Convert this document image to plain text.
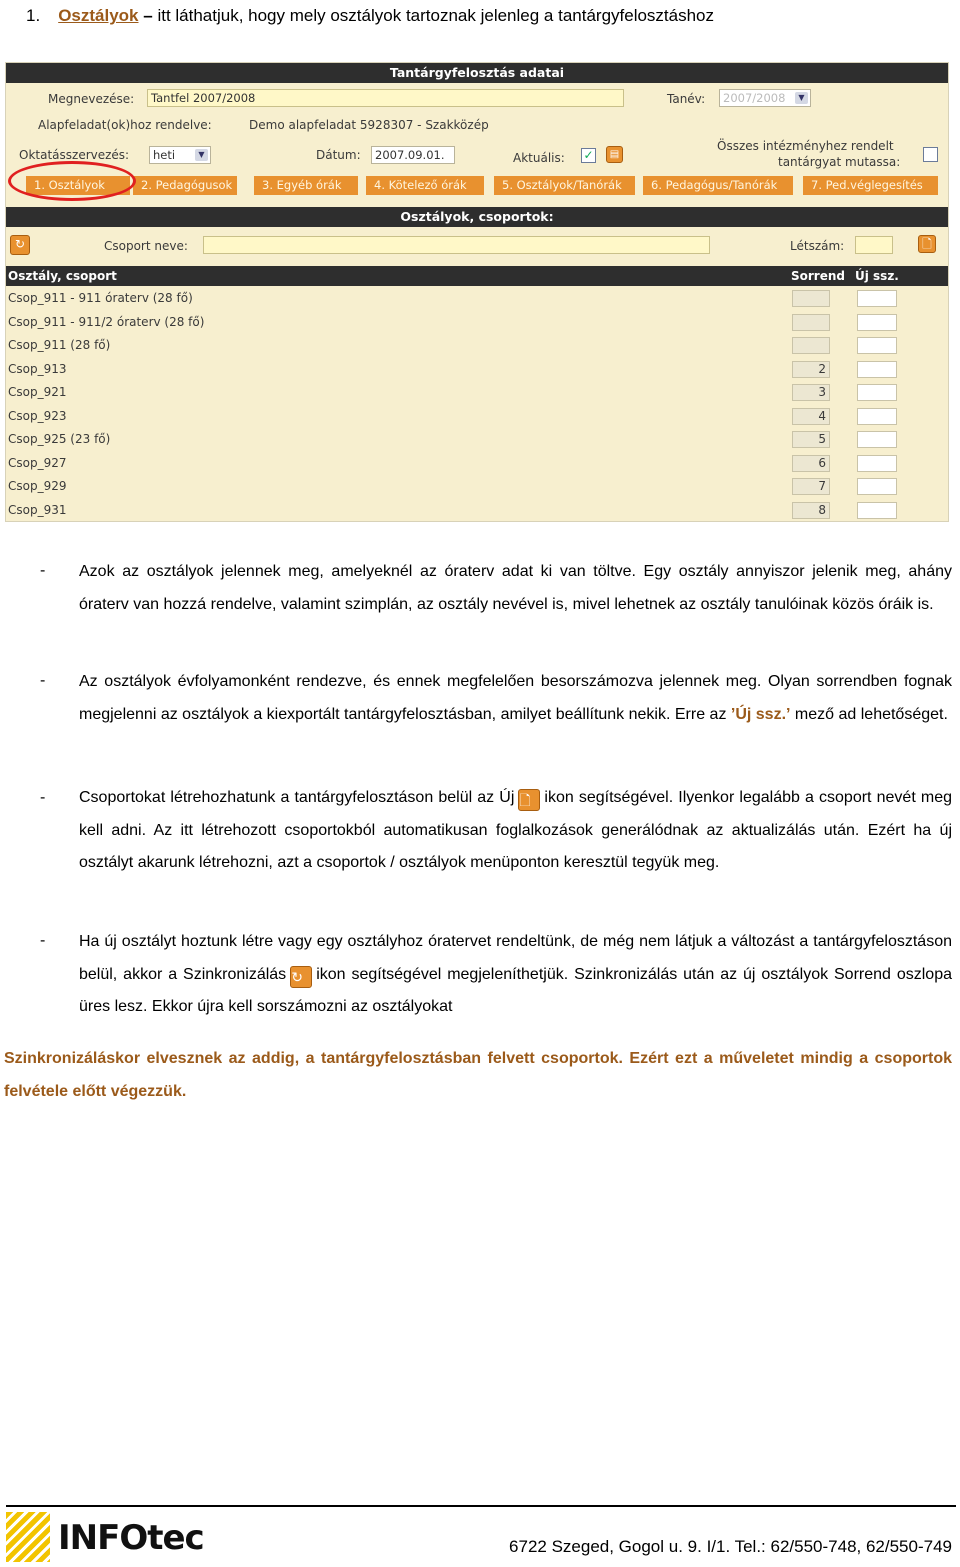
1. Osztályok – itt láthatjuk, hogy mely osztályok tartoznak jelenleg a tantárgyfelosztáshoz
Tantárgyfelosztás adatai
Megnevezése:	Tantfel 2007/2008	Tanév:	2007/2008	▼
Alapfeladat(ok)hoz rendelve:	Demo alapfeladat 5928307 - Szakközép
Oktatásszervezés:	heti	▼	Dátum:	2007.09.01.	Aktuális: ✓	▤
Összes intézményhez rendelt
tantárgyat mutassa:
1. Osztályok	2. Pedagógusok	3. Egyéb órák	4. Kötelező órák	5. Osztályok/Tanórák	6. Pedagógus/Tanórák	7. Ped.véglegesítés
Osztályok, csoportok:
↻	Csoport neve:	Létszám:	🗋
Osztály, csoport	Sorrend Új ssz.
Csop_911 - 911 óraterv (28 fő)
Csop_911 - 911/2 óraterv (28 fő)
Csop_911 (28 fő)
Csop_913	2
Csop_921	3
Csop_923	4
Csop_925 (23 fő)	5
Csop_927	6
Csop_929	7
Csop_931	8
- Azok az osztályok jelennek meg, amelyeknél az óraterv adat ki van töltve. Egy osztály annyiszor jelenik meg, ahány óraterv van hozzá rendelve, valamint szimplán, az osztály nevével is, mivel lehetnek az osztály tanulóinak közös óráik is.
- Az osztályok évfolyamonként rendezve, és ennek megfelelően besorszámozva jelennek meg. Olyan sorrendben fognak megjelenni az osztályok a kiexportált tantárgyfelosztásban, amilyet beállítunk nekik. Erre az ’Új ssz.’ mező ad lehetőséget.
- Csoportokat létrehozhatunk a tantárgyfelosztáson belül az Új 🗋 ikon segítségével. Ilyenkor legalább a csoport nevét meg kell adni. Az itt létrehozott csoportokból automatikusan foglalkozások generálódnak az aktualizálás után. Ezért ha új osztályt akarunk létrehozni, azt a csoportok / osztályok menüponton keresztül tegyük meg.
- Ha új osztályt hoztunk létre vagy egy osztályhoz óratervet rendeltünk, de még nem látjuk a változást a tantárgyfelosztáson belül, akkor a Szinkronizálás ↻ ikon segítségével megjeleníthetjük. Szinkronizálás után az új osztályok Sorrend oszlopa üres lesz. Ekkor újra kell sorszámozni az osztályokat
Szinkronizáláskor elvesznek az addig, a tantárgyfelosztásban felvett csoportok. Ezért ezt a műveletet mindig a csoportok felvétele előtt végezzük.
INFOtec	6722 Szeged, Gogol u. 9. I/1. Tel.: 62/550-748, 62/550-749
